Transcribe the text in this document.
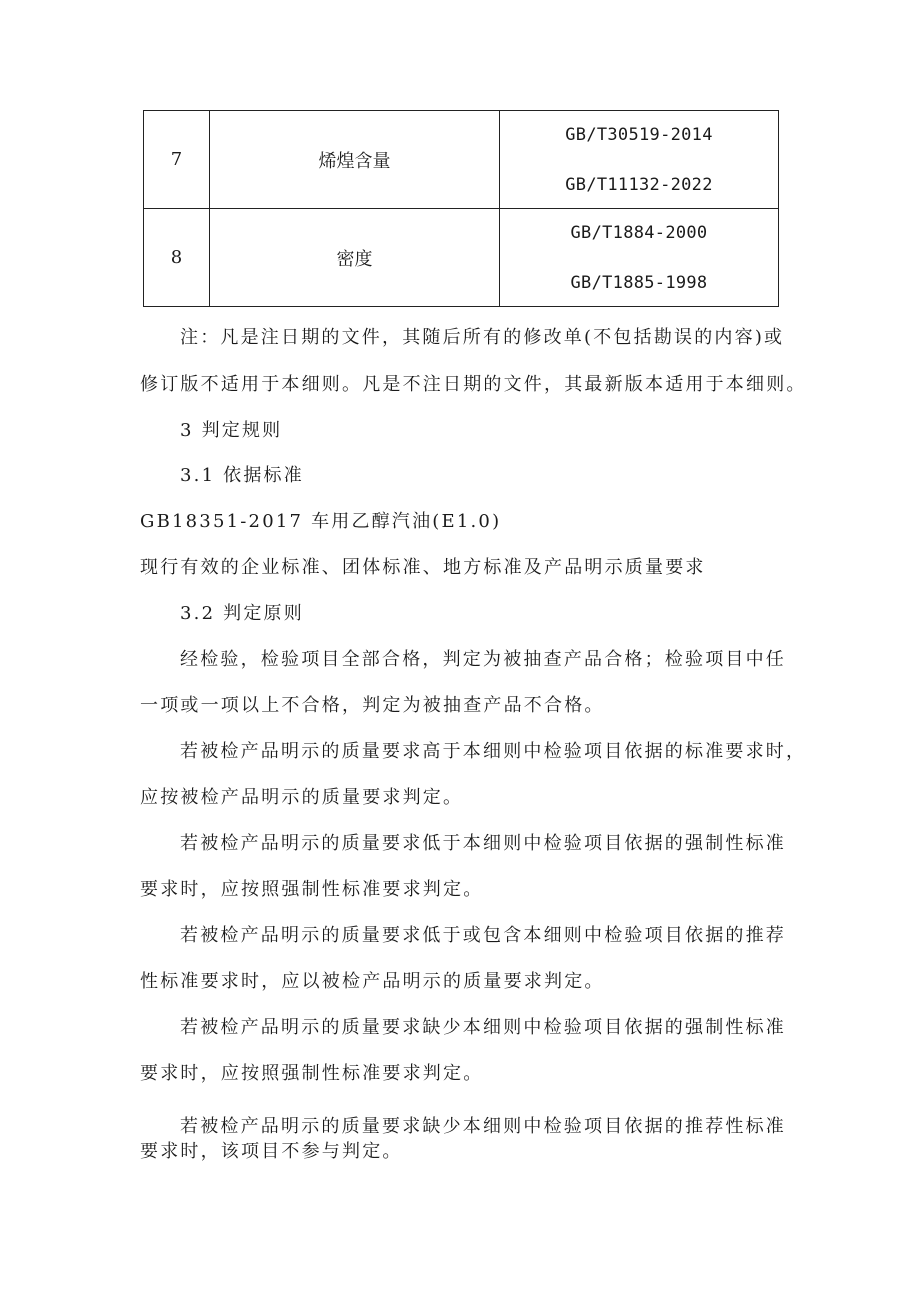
7	烯煌含量	GB/T30519-2014
GB/T11132-2022

8	密度	GB/T1884-2000
GB/T1885-1998
注：凡是注日期的文件，其随后所有的修改单(不包括勘误的内容)或
修订版不适用于本细则。凡是不注日期的文件，其最新版本适用于本细则。
3 判定规则
3.1 依据标准
GB18351-2017 车用乙醇汽油(E1.0)
现行有效的企业标准、团体标准、地方标准及产品明示质量要求
3.2 判定原则
经检验，检验项目全部合格，判定为被抽查产品合格；检验项目中任
一项或一项以上不合格，判定为被抽查产品不合格。
若被检产品明示的质量要求高于本细则中检验项目依据的标准要求时，
应按被检产品明示的质量要求判定。
若被检产品明示的质量要求低于本细则中检验项目依据的强制性标准
要求时，应按照强制性标准要求判定。
若被检产品明示的质量要求低于或包含本细则中检验项目依据的推荐
性标准要求时，应以被检产品明示的质量要求判定。
若被检产品明示的质量要求缺少本细则中检验项目依据的强制性标准
要求时，应按照强制性标准要求判定。
若被检产品明示的质量要求缺少本细则中检验项目依据的推荐性标准
要求时，该项目不参与判定。
